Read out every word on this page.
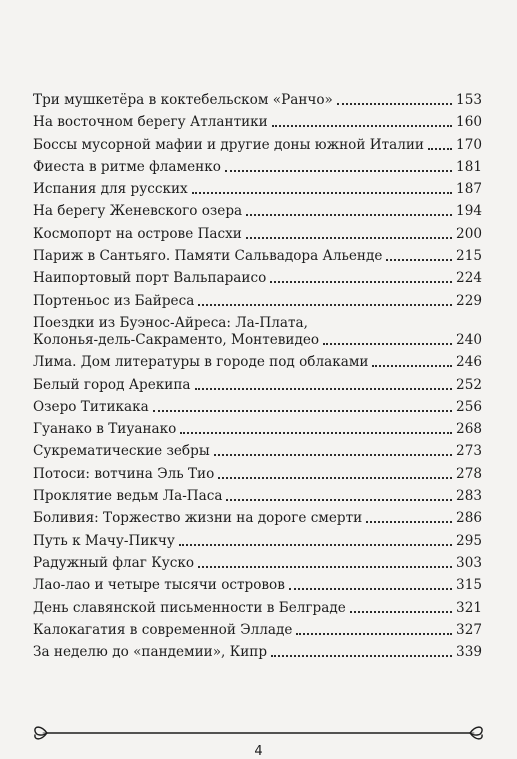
Три мушкетёра в коктебельском «Ранчо»	153
На восточном берегу Атлантики	160
Боссы мусорной мафии и другие доны южной Италии 170
Фиеста в ритме фламенко	181
Испания для русских	187
На берегу Женевского озера	194
Космопорт на острове Пасхи	200
Париж в Сантьяго. Памяти Сальвадора Альенде	215
Наипортовый порт Вальпараисо	224
Портеньос из Байреса	229
Поездки из Буэнос-Айреса: Ла-Плата,
Колонья-дель-Сакраменто, Монтевидео	240
Лима. Дом литературы в городе под облаками	246
Белый город Арекипа	252
Озеро Титикака	256
Гуанако в Тиуанако	268
Сукрематические зебры	273
Потоси: вотчина Эль Тио	278
Проклятие ведьм Ла-Паса	283
Боливия: Торжество жизни на дороге смерти	286
Путь к Мачу-Пикчу	295
Радужный флаг Куско	303
Лао-лао и четыре тысячи островов	315
День славянской письменности в Белграде	321
Калокагатия в современной Элладе	327
За неделю до «пандемии», Кипр	339
4
